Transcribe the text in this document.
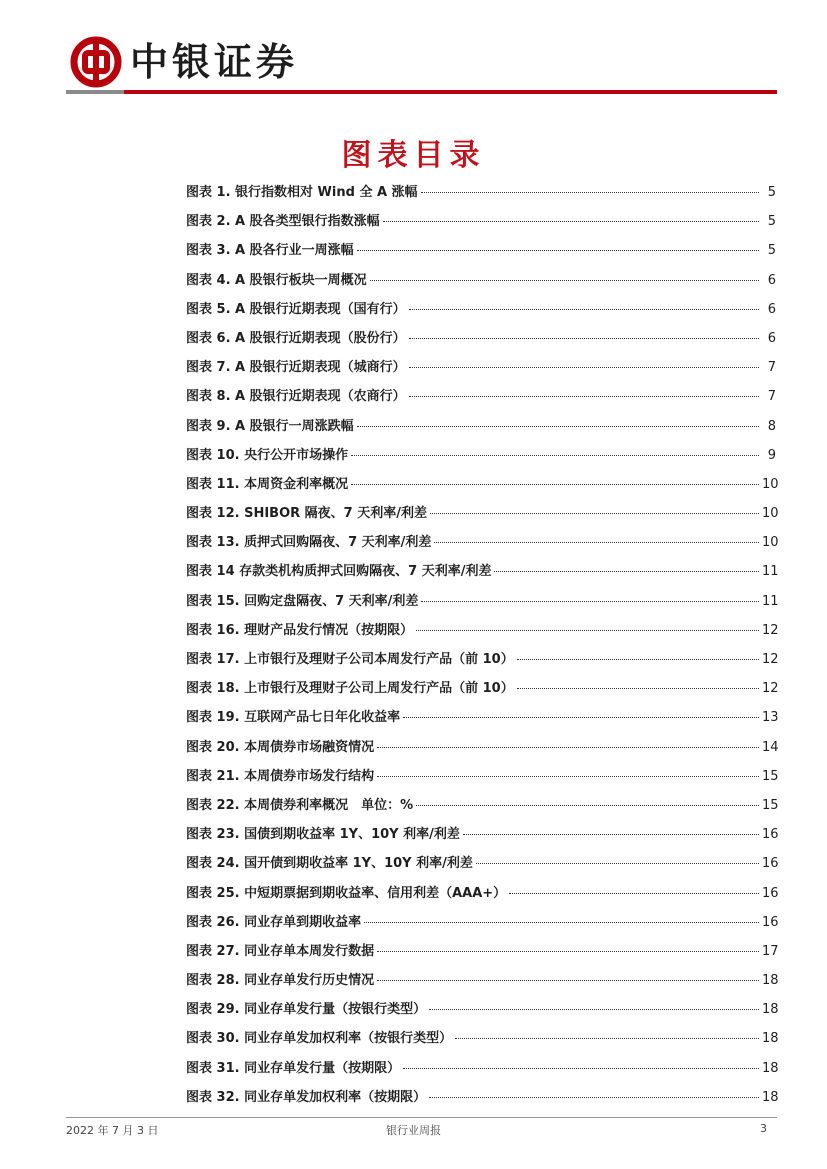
中银证券
图表目录
图表 1. 银行指数相对 Wind 全 A 涨幅	5
图表 2. A 股各类型银行指数涨幅	5
图表 3. A 股各行业一周涨幅	5
图表 4. A 股银行板块一周概况	6
图表 5. A 股银行近期表现（国有行）	6
图表 6. A 股银行近期表现（股份行）	6
图表 7. A 股银行近期表现（城商行）	7
图表 8. A 股银行近期表现（农商行）	7
图表 9. A 股银行一周涨跌幅	8
图表 10. 央行公开市场操作	9
图表 11. 本周资金利率概况	10
图表 12. SHIBOR 隔夜、7 天利率/利差	10
图表 13. 质押式回购隔夜、7 天利率/利差	10
图表 14 存款类机构质押式回购隔夜、7 天利率/利差	11
图表 15. 回购定盘隔夜、7 天利率/利差	11
图表 16. 理财产品发行情况（按期限）	12
图表 17. 上市银行及理财子公司本周发行产品（前 10）	12
图表 18. 上市银行及理财子公司上周发行产品（前 10）	12
图表 19. 互联网产品七日年化收益率	13
图表 20. 本周债券市场融资情况	14
图表 21. 本周债券市场发行结构	15
图表 22. 本周债券利率概况　单位：%	15
图表 23. 国债到期收益率 1Y、10Y 利率/利差	16
图表 24. 国开债到期收益率 1Y、10Y 利率/利差	16
图表 25. 中短期票据到期收益率、信用利差（AAA+）	16
图表 26. 同业存单到期收益率	16
图表 27. 同业存单本周发行数据	17
图表 28. 同业存单发行历史情况	18
图表 29. 同业存单发行量（按银行类型）	18
图表 30. 同业存单发加权利率（按银行类型）	18
图表 31. 同业存单发行量（按期限）	18
图表 32. 同业存单发加权利率（按期限）	18
2022 年 7 月 3 日	银行业周报	3
